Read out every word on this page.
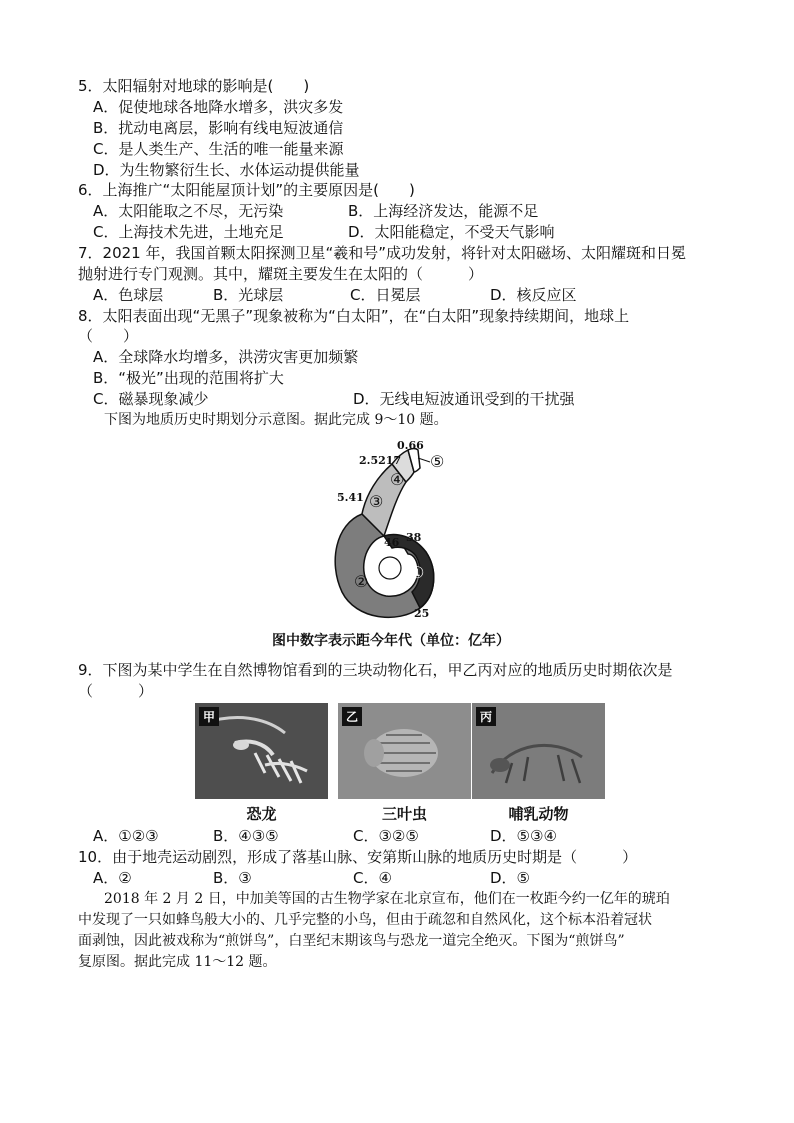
5．太阳辐射对地球的影响是(　　)
A．促使地球各地降水增多，洪灾多发
B．扰动电离层，影响有线电短波通信
C．是人类生产、生活的唯一能量来源
D．为生物繁衍生长、水体运动提供能量
6．上海推广“太阳能屋顶计划”的主要原因是(　　)
A．太阳能取之不尽，无污染	B．上海经济发达，能源不足
C．上海技术先进，土地充足	D．太阳能稳定，不受天气影响
7．2021 年，我国首颗太阳探测卫星“羲和号”成功发射，将针对太阳磁场、太阳耀斑和日冕
抛射进行专门观测。其中，耀斑主要发生在太阳的（　　　）
A．色球层	B．光球层	C．日冕层	D．核反应区
8．太阳表面出现“无黑子”现象被称为“白太阳”，在“白太阳”现象持续期间，地球上
（　　）
A．全球降水均增多，洪涝灾害更加频繁
B．“极光”出现的范围将扩大
C．磁暴现象减少	D．无线电短波通讯受到的干扰强
下图为地质历史时期划分示意图。据此完成 9～10 题。
0.66
2.5217
5.41
46 38
25
①
②
③
④
⑤
图中数字表示距今年代（单位：亿年）
9．下图为某中学生在自然博物馆看到的三块动物化石，甲乙丙对应的地质历史时期依次是
（　　　）
甲	乙	丙
恐龙	三叶虫	哺乳动物
A．①②③	B．④③⑤	C．③②⑤	D．⑤③④
10．由于地壳运动剧烈，形成了落基山脉、安第斯山脉的地质历史时期是（　　　）
A．②	B．③	C．④	D．⑤
2018 年 2 月 2 日，中加美等国的古生物学家在北京宣布，他们在一枚距今约一亿年的琥珀
中发现了一只如蜂鸟般大小的、几乎完整的小鸟，但由于疏忽和自然风化，这个标本沿着冠状
面剥蚀，因此被戏称为“煎饼鸟”，白垩纪末期该鸟与恐龙一道完全绝灭。下图为“煎饼鸟”
复原图。据此完成 11～12 题。
